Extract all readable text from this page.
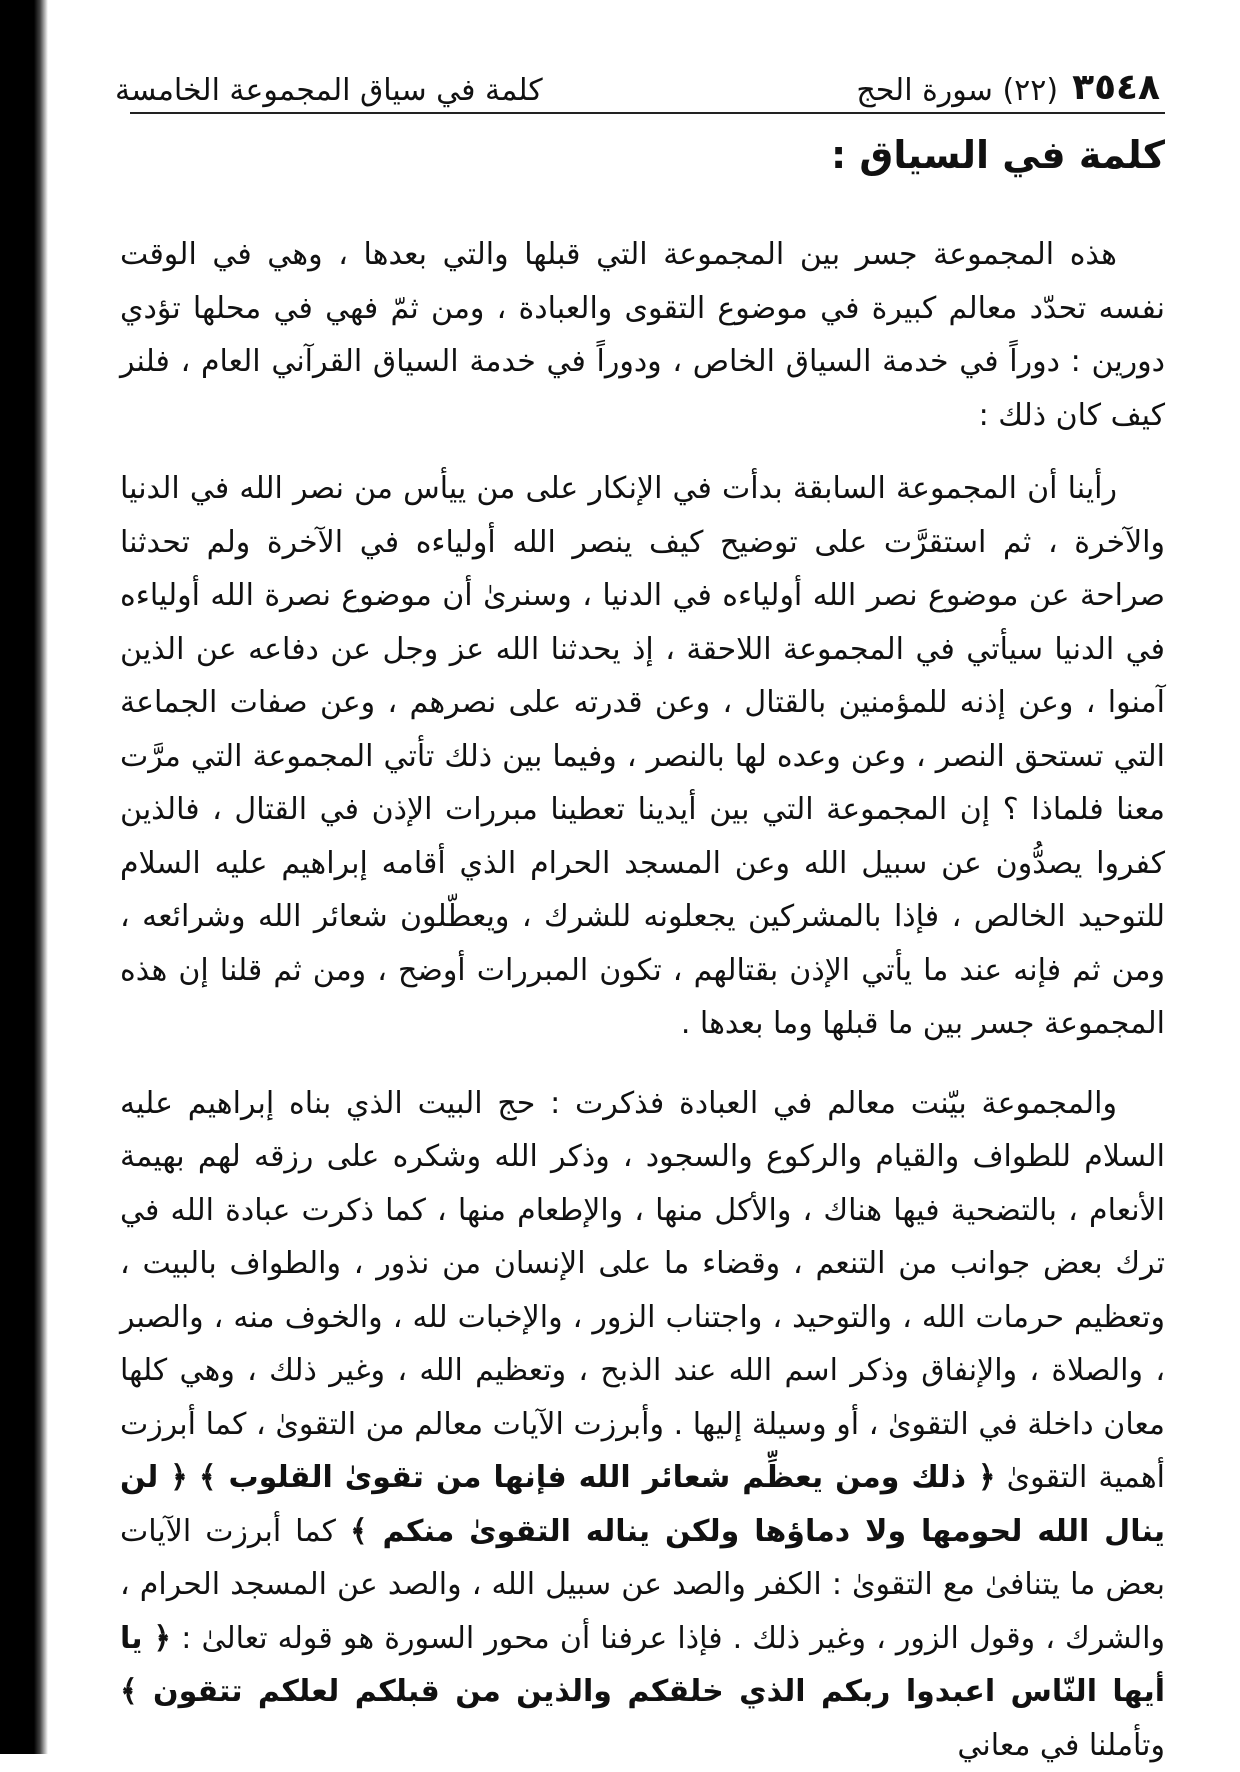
٣٥٤٨
(٢٢) سورة الحج
كلمة في سياق المجموعة الخامسة
كلمة في السياق :

هذه المجموعة جسر بين المجموعة التي قبلها والتي بعدها ، وهي في الوقت نفسه تحدّد معالم كبيرة في موضوع التقوى والعبادة ، ومن ثمّ فهي في محلها تؤدي دورين : دوراً في خدمة السياق الخاص ، ودوراً في خدمة السياق القرآني العام ، فلنر كيف كان ذلك :

رأينا أن المجموعة السابقة بدأت في الإنكار على من ييأس من نصر الله في الدنيا والآخرة ، ثم استقرَّت على توضيح كيف ينصر الله أولياءه في الآخرة ولم تحدثنا صراحة عن موضوع نصر الله أولياءه في الدنيا ، وسنرىٰ أن موضوع نصرة الله أولياءه في الدنيا سيأتي في المجموعة اللاحقة ، إذ يحدثنا الله عز وجل عن دفاعه عن الذين آمنوا ، وعن إذنه للمؤمنين بالقتال ، وعن قدرته على نصرهم ، وعن صفات الجماعة التي تستحق النصر ، وعن وعده لها بالنصر ، وفيما بين ذلك تأتي المجموعة التي مرَّت معنا فلماذا ؟ إن المجموعة التي بين أيدينا تعطينا مبررات الإذن في القتال ، فالذين كفروا يصدُّون عن سبيل الله وعن المسجد الحرام الذي أقامه إبراهيم عليه السلام للتوحيد الخالص ، فإذا بالمشركين يجعلونه للشرك ، ويعطّلون شعائر الله وشرائعه ، ومن ثم فإنه عند ما يأتي الإذن بقتالهم ، تكون المبررات أوضح ، ومن ثم قلنا إن هذه المجموعة جسر بين ما قبلها وما بعدها .

والمجموعة بيّنت معالم في العبادة فذكرت : حج البيت الذي بناه إبراهيم عليه السلام للطواف والقيام والركوع والسجود ، وذكر الله وشكره على رزقه لهم بهيمة الأنعام ، بالتضحية فيها هناك ، والأكل منها ، والإطعام منها ، كما ذكرت عبادة الله في ترك بعض جوانب من التنعم ، وقضاء ما على الإنسان من نذور ، والطواف بالبيت ، وتعظيم حرمات الله ، والتوحيد ، واجتناب الزور ، والإخبات لله ، والخوف منه ، والصبر ، والصلاة ، والإنفاق وذكر اسم الله عند الذبح ، وتعظيم الله ، وغير ذلك ، وهي كلها معان داخلة في التقوىٰ ، أو وسيلة إليها . وأبرزت الآيات معالم من التقوىٰ ، كما أبرزت أهمية التقوىٰ ﴿ ذلك ومن يعظِّم شعائر الله فإنها من تقوىٰ القلوب ﴾ ﴿ لن ينال الله لحومها ولا دماؤها ولكن يناله التقوىٰ منكم ﴾ كما أبرزت الآيات بعض ما يتنافىٰ مع التقوىٰ : الكفر والصد عن سبيل الله ، والصد عن المسجد الحرام ، والشرك ، وقول الزور ، وغير ذلك . فإذا عرفنا أن محور السورة هو قوله تعالىٰ : ﴿ يا أيها النّاس اعبدوا ربكم الذي خلقكم والذين من قبلكم لعلكم تتقون ﴾ وتأملنا في معاني
